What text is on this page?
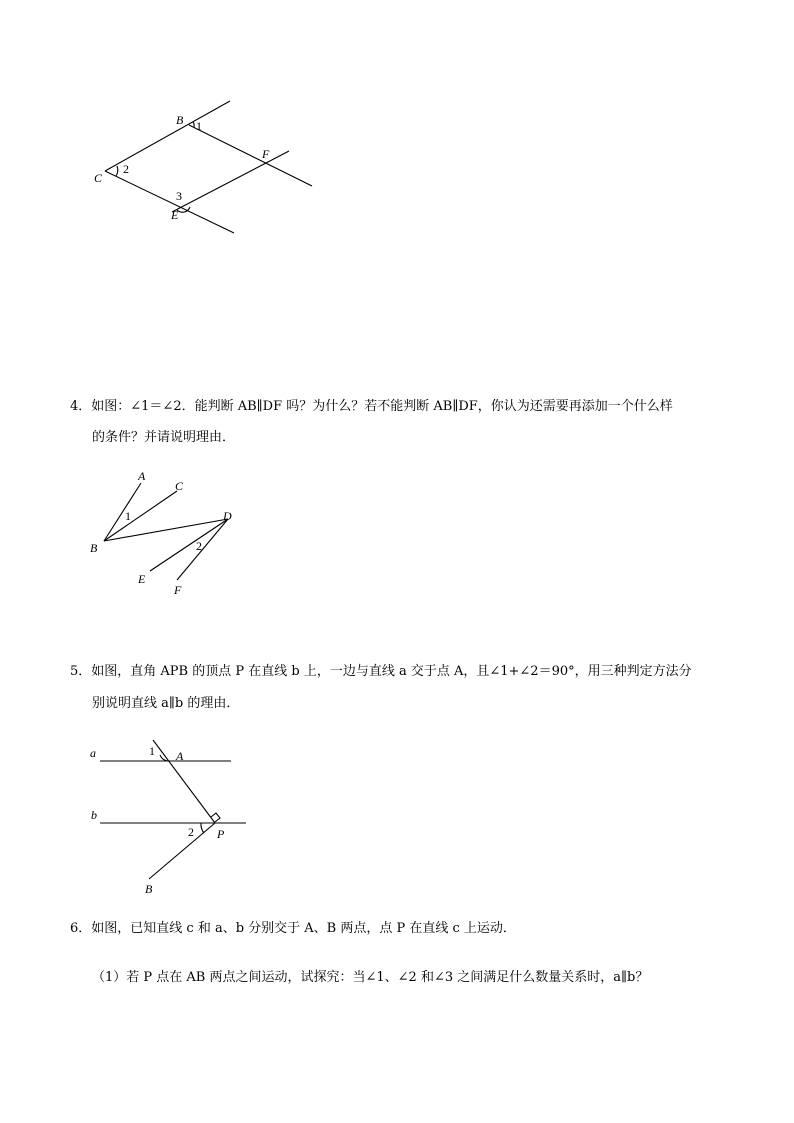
B 1
F
C
2
3
E

4．如图：∠1＝∠2．能判断 AB∥DF 吗？为什么？若不能判断 AB∥DF，你认为还需要再添加一个什么样

的条件？并请说明理由．

A
C
1	D
B	2
E
F

5．如图，直角 APB 的顶点 P 在直线 b 上，一边与直线 a 交于点 A，且∠1+∠2＝90°，用三种判定方法分

别说明直线 a∥b 的理由．

a	1 A
b
2 P
B

6．如图，已知直线 c 和 a、b 分别交于 A、B 两点，点 P 在直线 c 上运动．

（1）若 P 点在 AB 两点之间运动，试探究：当∠1、∠2 和∠3 之间满足什么数量关系时，a∥b？
